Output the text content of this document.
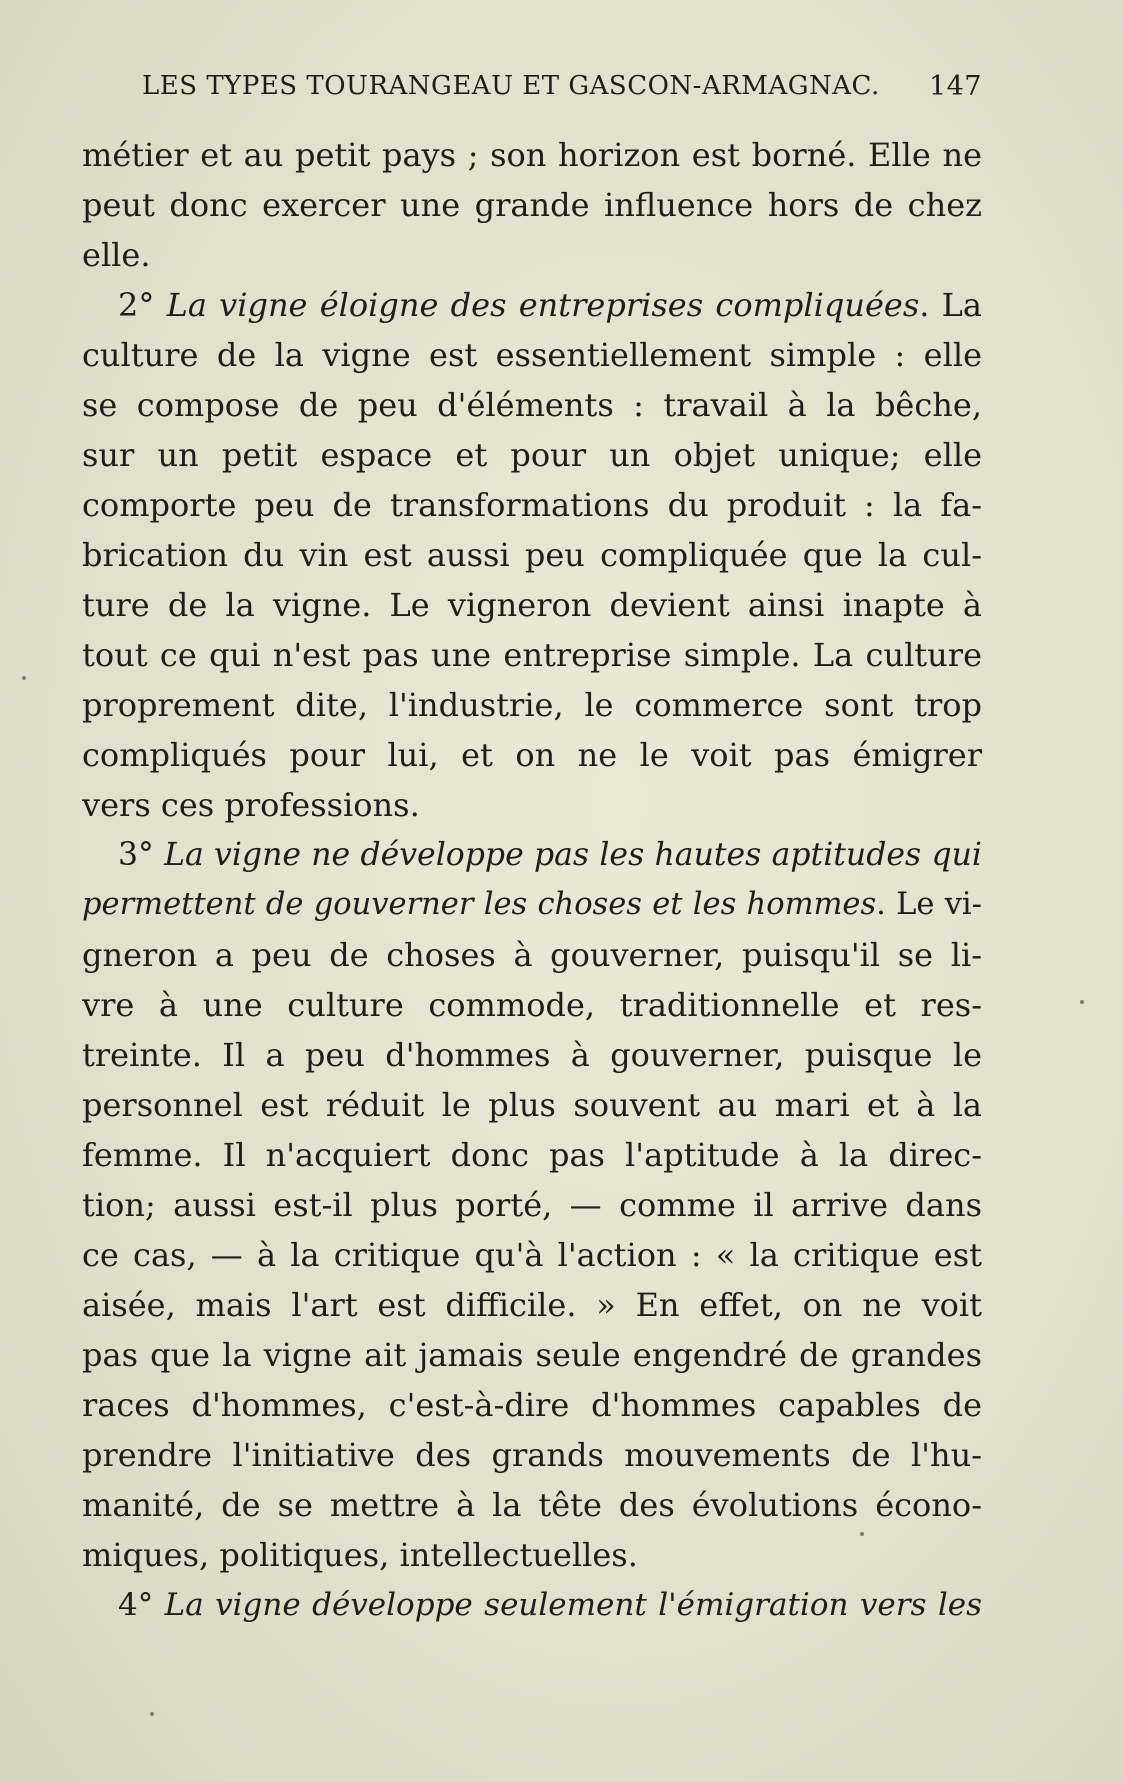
LES TYPES TOURANGEAU ET GASCON-ARMAGNAC. 147
métier et au petit pays ; son horizon est borné. Elle ne
peut donc exercer une grande influence hors de chez
elle.
2° La vigne éloigne des entreprises compliquées. La
culture de la vigne est essentiellement simple : elle
se compose de peu d'éléments : travail à la bêche,
sur un petit espace et pour un objet unique; elle
comporte peu de transformations du produit : la fa-
brication du vin est aussi peu compliquée que la cul-
ture de la vigne. Le vigneron devient ainsi inapte à
tout ce qui n'est pas une entreprise simple. La culture
proprement dite, l'industrie, le commerce sont trop
compliqués pour lui, et on ne le voit pas émigrer
vers ces professions.
3° La vigne ne développe pas les hautes aptitudes qui
permettent de gouverner les choses et les hommes. Le vi-
gneron a peu de choses à gouverner, puisqu'il se li-
vre à une culture commode, traditionnelle et res-
treinte. Il a peu d'hommes à gouverner, puisque le
personnel est réduit le plus souvent au mari et à la
femme. Il n'acquiert donc pas l'aptitude à la direc-
tion; aussi est-il plus porté, — comme il arrive dans
ce cas, — à la critique qu'à l'action : « la critique est
aisée, mais l'art est difficile. » En effet, on ne voit
pas que la vigne ait jamais seule engendré de grandes
races d'hommes, c'est-à-dire d'hommes capables de
prendre l'initiative des grands mouvements de l'hu-
manité, de se mettre à la tête des évolutions écono-
miques, politiques, intellectuelles.
4° La vigne développe seulement l'émigration vers les
